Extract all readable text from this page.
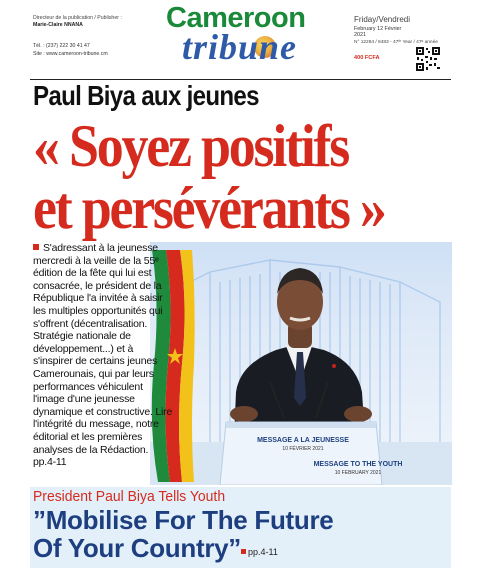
Directeur de la publication / Publisher :
Marie-Claire NNANA
Tél. : (237) 222 30 41 47
Site : www.cameroon-tribune.cm
Cameroon
tribune
Friday/Vendredi
February 12 Février 2021
N° 12284 / 8483 - 47ᵗʰ Year / 47ᵉ année
400 FCFA
Paul Biya aux jeunes
« Soyez positifs
et persévérants »
MESSAGE A LA JEUNESSE
10 FÉVRIER 2021
MESSAGE TO THE YOUTH
10 FEBRUARY 2021

S'adressant à la jeunesse mercredi à la veille de la 55ᵉ édition de la fête qui lui est consacrée, le président de la République l'a invitée à saisir les multiples opportunités qui s'offrent (décentralisation. Stratégie nationale de développement...) et à s'inspirer de certains jeunes Camerounais, qui par leurs performances véhiculent l'image d'une jeunesse dynamique et constructive. Lire l'intégrité du message, notre éditorial et les premières analyses de la Rédaction. pp.4-11

President Paul Biya Tells Youth
”Mobilise For The Future
Of Your Country” pp.4-11
